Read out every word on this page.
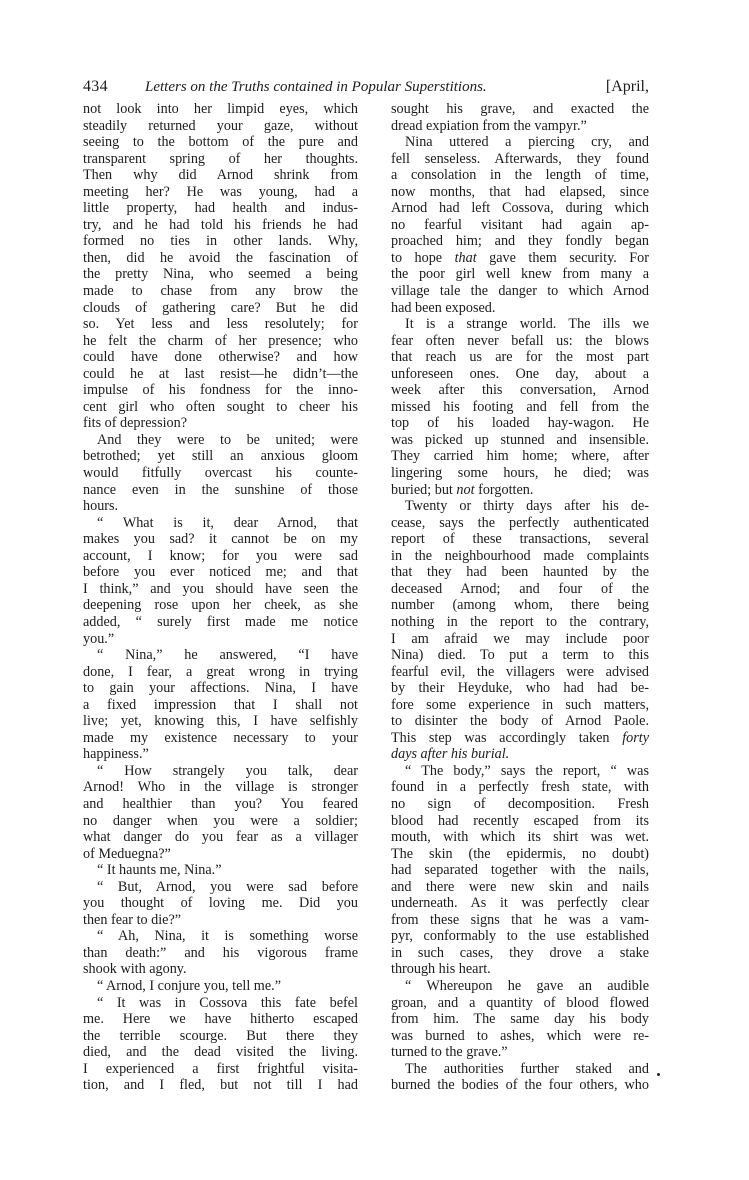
434 Letters on the Truths contained in Popular Superstitions.	[April,
not look into her limpid eyes, which
steadily returned your gaze, without
seeing to the bottom of the pure and
transparent spring of her thoughts.
Then why did Arnod shrink from
meeting her? He was young, had a
little property, had health and indus-
try, and he had told his friends he had
formed no ties in other lands. Why,
then, did he avoid the fascination of
the pretty Nina, who seemed a being
made to chase from any brow the
clouds of gathering care? But he did
so. Yet less and less resolutely; for
he felt the charm of her presence; who
could have done otherwise? and how
could he at last resist—he didn’t—the
impulse of his fondness for the inno-
cent girl who often sought to cheer his
fits of depression?
And they were to be united; were
betrothed; yet still an anxious gloom
would fitfully overcast his counte-
nance even in the sunshine of those
hours.
“ What is it, dear Arnod, that
makes you sad? it cannot be on my
account, I know; for you were sad
before you ever noticed me; and that
I think,” and you should have seen the
deepening rose upon her cheek, as she
added, “ surely first made me notice
you.”
“ Nina,” he answered, “I have
done, I fear, a great wrong in trying
to gain your affections. Nina, I have
a fixed impression that I shall not
live; yet, knowing this, I have selfishly
made my existence necessary to your
happiness.”
“ How strangely you talk, dear
Arnod! Who in the village is stronger
and healthier than you? You feared
no danger when you were a soldier;
what danger do you fear as a villager
of Meduegna?”
“ It haunts me, Nina.”
“ But, Arnod, you were sad before
you thought of loving me. Did you
then fear to die?”
“ Ah, Nina, it is something worse
than death:” and his vigorous frame
shook with agony.
“ Arnod, I conjure you, tell me.”
“ It was in Cossova this fate befel
me. Here we have hitherto escaped
the terrible scourge. But there they
died, and the dead visited the living.
I experienced a first frightful visita-
tion, and I fled, but not till I had
sought his grave, and exacted the
dread expiation from the vampyr.”
Nina uttered a piercing cry, and
fell senseless. Afterwards, they found
a consolation in the length of time,
now months, that had elapsed, since
Arnod had left Cossova, during which
no fearful visitant had again ap-
proached him; and they fondly began
to hope that gave them security. For
the poor girl well knew from many a
village tale the danger to which Arnod
had been exposed.
It is a strange world. The ills we
fear often never befall us: the blows
that reach us are for the most part
unforeseen ones. One day, about a
week after this conversation, Arnod
missed his footing and fell from the
top of his loaded hay-wagon. He
was picked up stunned and insensible.
They carried him home; where, after
lingering some hours, he died; was
buried; but not forgotten.
Twenty or thirty days after his de-
cease, says the perfectly authenticated
report of these transactions, several
in the neighbourhood made complaints
that they had been haunted by the
deceased Arnod; and four of the
number (among whom, there being
nothing in the report to the contrary,
I am afraid we may include poor
Nina) died. To put a term to this
fearful evil, the villagers were advised
by their Heyduke, who had had be-
fore some experience in such matters,
to disinter the body of Arnod Paole.
This step was accordingly taken forty
days after his burial.
“ The body,” says the report, “ was
found in a perfectly fresh state, with
no sign of decomposition. Fresh
blood had recently escaped from its
mouth, with which its shirt was wet.
The skin (the epidermis, no doubt)
had separated together with the nails,
and there were new skin and nails
underneath. As it was perfectly clear
from these signs that he was a vam-
pyr, conformably to the use established
in such cases, they drove a stake
through his heart.
“ Whereupon he gave an audible
groan, and a quantity of blood flowed
from him. The same day his body
was burned to ashes, which were re-
turned to the grave.”
The authorities further staked and
burned the bodies of the four others, who
